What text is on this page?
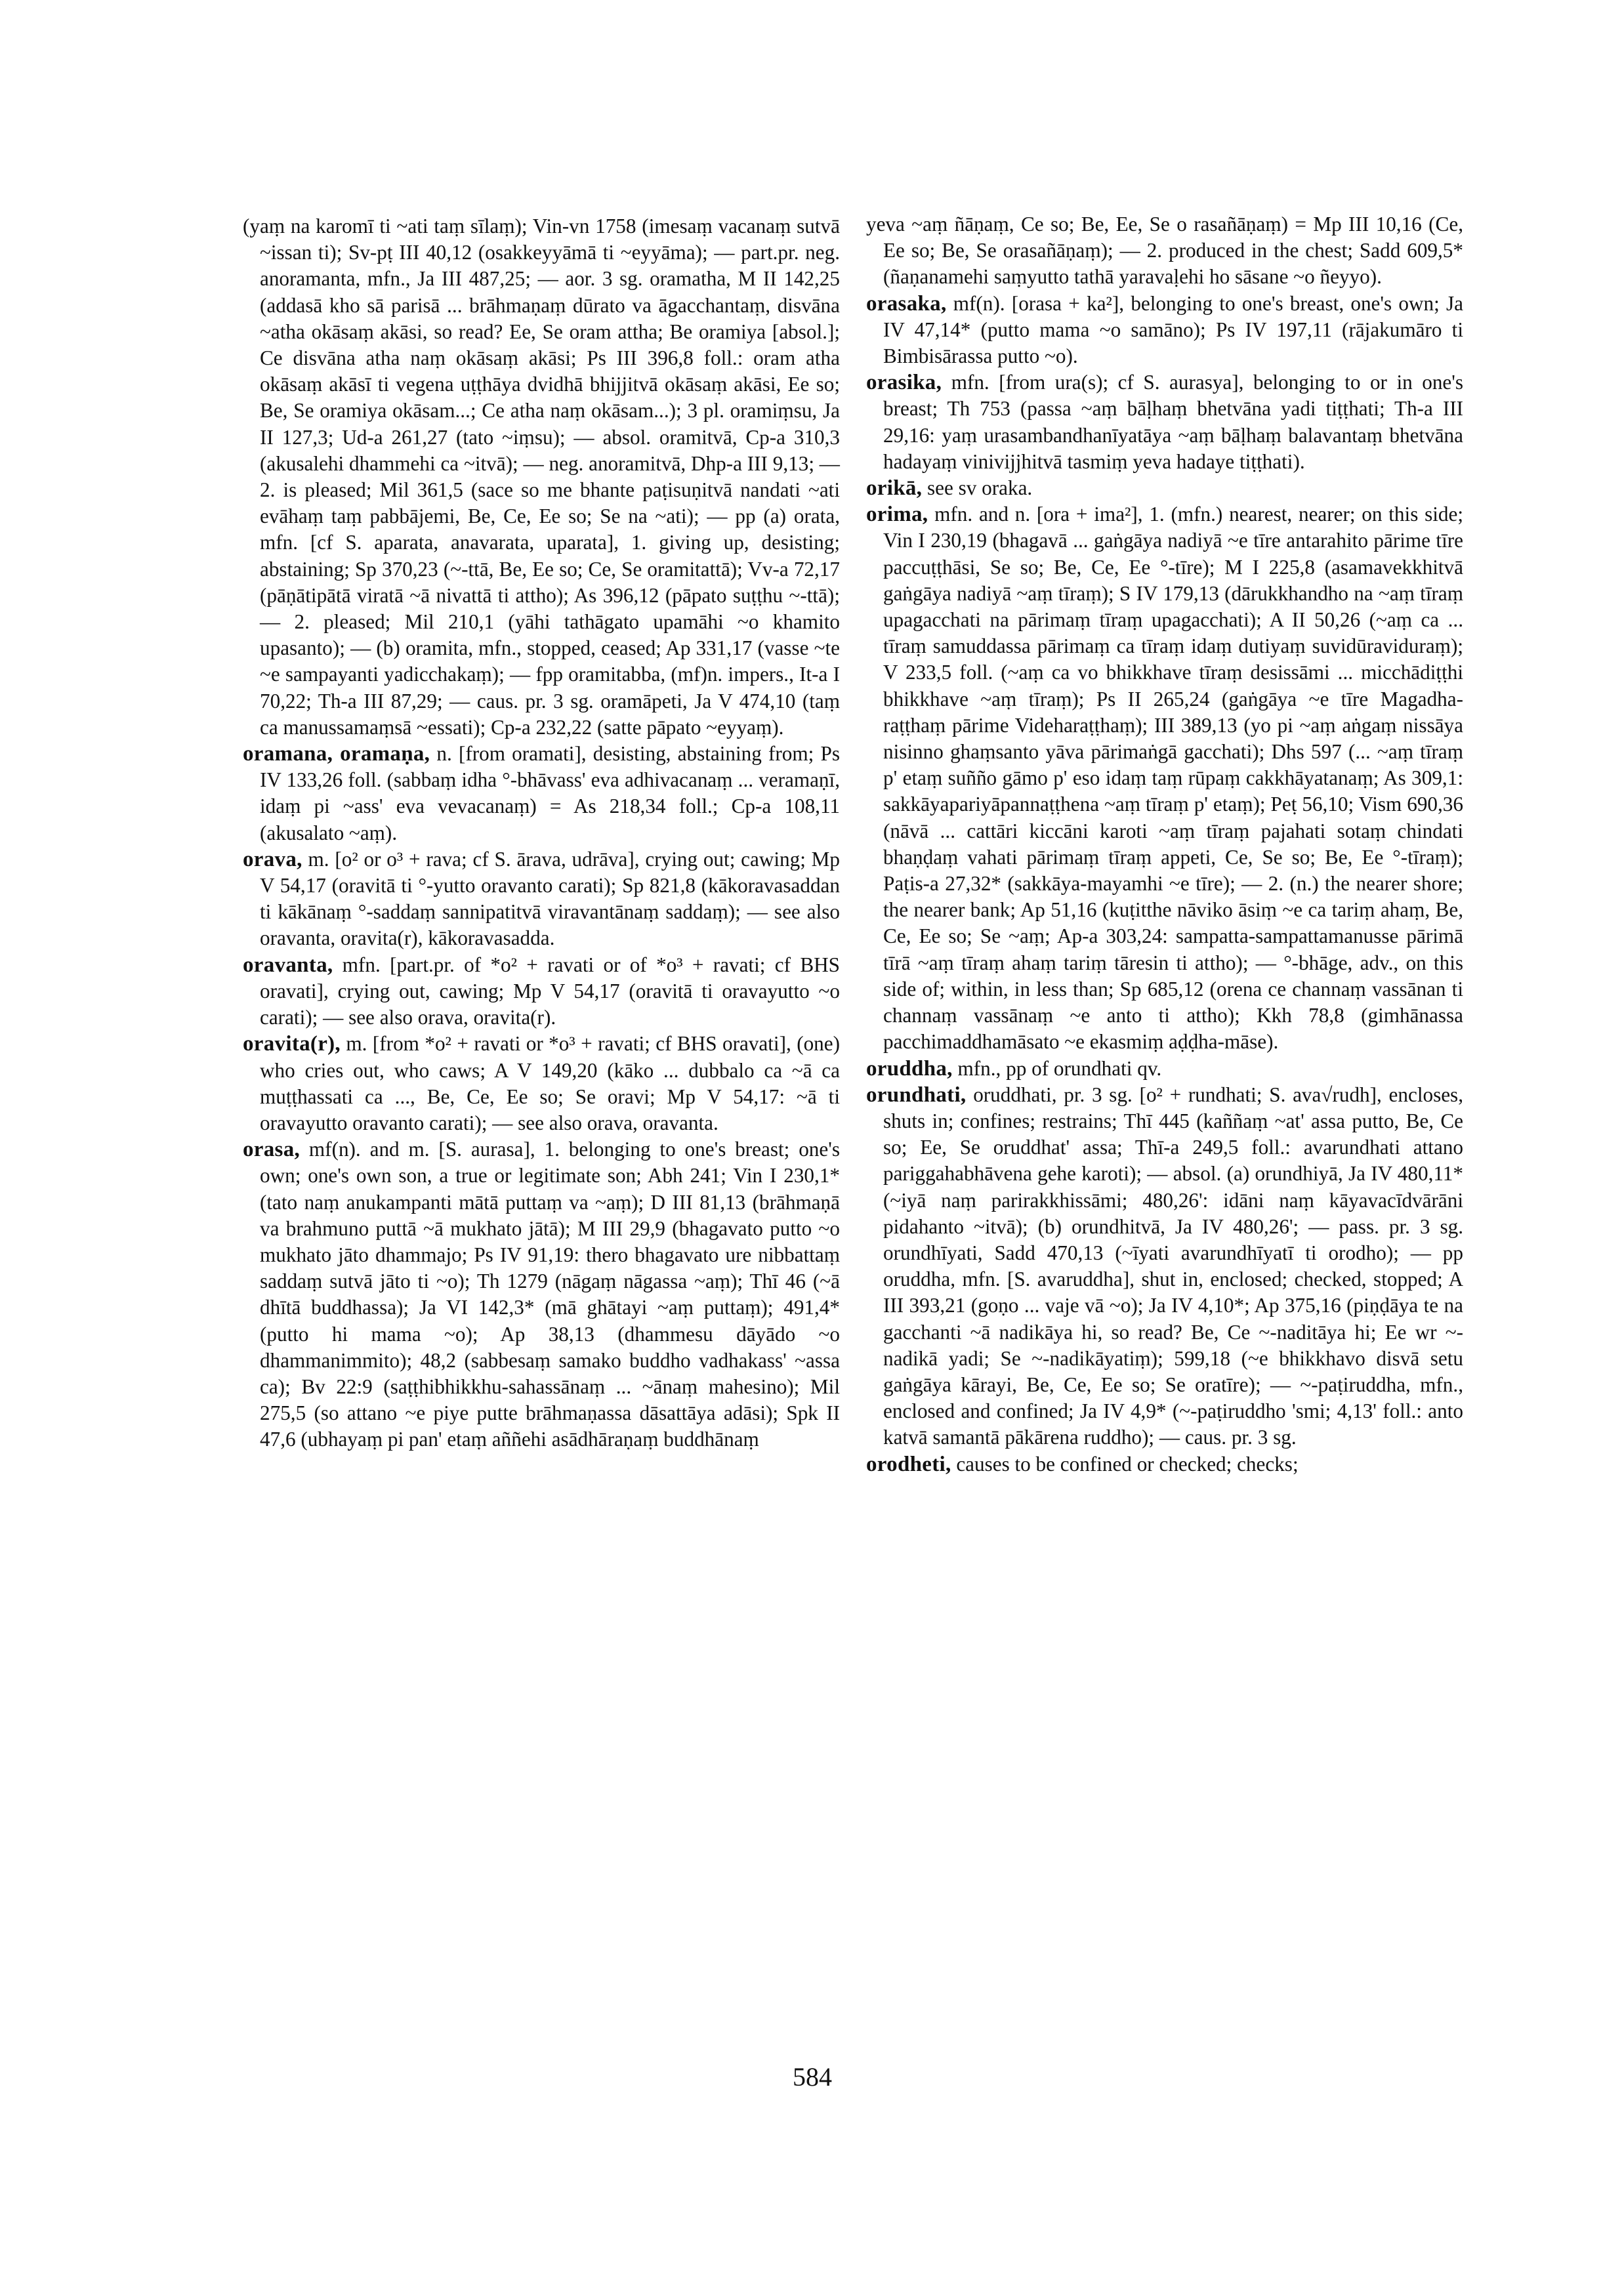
(yaṃ na karomī ti ~ati taṃ sīlaṃ); Vin-vn 1758 (imesaṃ vacanaṃ sutvā ~issan ti); Sv-pṭ III 40,12 (osakkeyyāmā ti ~eyyāma); — part.pr. neg. anoramanta, mfn., Ja III 487,25; — aor. 3 sg. oramatha, M II 142,25 (addasā kho sā parisā ... brāhmaṇaṃ dūrato va āgacchantaṃ, disvāna ~atha okāsaṃ akāsi, so read? Ee, Se oram attha; Be oramiya [absol.]; Ce disvāna atha naṃ okāsaṃ akāsi; Ps III 396,8 foll.: oram atha okāsaṃ akāsī ti vegena uṭṭhāya dvidhā bhijjitvā okāsaṃ akāsi, Ee so; Be, Se oramiya okāsam...; Ce atha naṃ okāsam...); 3 pl. oramiṃsu, Ja II 127,3; Ud-a 261,27 (tato ~iṃsu); — absol. oramitvā, Cp-a 310,3 (akusalehi dhammehi ca ~itvā); — neg. anoramitvā, Dhp-a III 9,13; — 2. is pleased; Mil 361,5 (sace so me bhante paṭisuṇitvā nandati ~ati evāhaṃ taṃ pabbājemi, Be, Ce, Ee so; Se na ~ati); — pp (a) orata, mfn. [cf S. aparata, anavarata, uparata], 1. giving up, desisting; abstaining; Sp 370,23 (~-ttā, Be, Ee so; Ce, Se oramitattā); Vv-a 72,17 (pāṇātipātā viratā ~ā nivattā ti attho); As 396,12 (pāpato suṭṭhu ~-ttā); — 2. pleased; Mil 210,1 (yāhi tathāgato upamāhi ~o khamito upasanto); — (b) oramita, mfn., stopped, ceased; Ap 331,17 (vasse ~te ~e sampayanti yadicchakaṃ); — fpp oramitabba, (mf)n. impers., It-a I 70,22; Th-a III 87,29; — caus. pr. 3 sg. oramāpeti, Ja V 474,10 (taṃ ca manussamaṃsā ~essati); Cp-a 232,22 (satte pāpato ~eyyaṃ).

oramana, oramaṇa, n. [from oramati], desisting, abstaining from; Ps IV 133,26 foll. (sabbaṃ idha °-bhāvass' eva adhivacanaṃ ... veramaṇī, idaṃ pi ~ass' eva vevacanaṃ) = As 218,34 foll.; Cp-a 108,11 (akusalato ~aṃ).

orava, m. [o² or o³ + rava; cf S. ārava, udrāva], crying out; cawing; Mp V 54,17 (oravitā ti °-yutto oravanto carati); Sp 821,8 (kākoravasaddan ti kākānaṃ °-saddaṃ sannipatitvā viravantānaṃ saddaṃ); — see also oravanta, oravita(r), kākoravasadda.

oravanta, mfn. [part.pr. of *o² + ravati or of *o³ + ravati; cf BHS oravati], crying out, cawing; Mp V 54,17 (oravitā ti oravayutto ~o carati); — see also orava, oravita(r).

oravita(r), m. [from *o² + ravati or *o³ + ravati; cf BHS oravati], (one) who cries out, who caws; A V 149,20 (kāko ... dubbalo ca ~ā ca muṭṭhassati ca ..., Be, Ce, Ee so; Se oravi; Mp V 54,17: ~ā ti oravayutto oravanto carati); — see also orava, oravanta.

orasa, mf(n). and m. [S. aurasa], 1. belonging to one's breast; one's own; one's own son, a true or legitimate son; Abh 241; Vin I 230,1* (tato naṃ anukampanti mātā puttaṃ va ~aṃ); D III 81,13 (brāhmaṇā va brahmuno puttā ~ā mukhato jātā); M III 29,9 (bhagavato putto ~o mukhato jāto dhammajo; Ps IV 91,19: thero bhagavato ure nibbattaṃ saddaṃ sutvā jāto ti ~o); Th 1279 (nāgaṃ nāgassa ~aṃ); Thī 46 (~ā dhītā buddhassa); Ja VI 142,3* (mā ghātayi ~aṃ puttaṃ); 491,4* (putto hi mama ~o); Ap 38,13 (dhammesu dāyādo ~o dhammanimmito); 48,2 (sabbesaṃ samako buddho vadhakass' ~assa ca); Bv 22:9 (saṭṭhibhikkhu-sahassānaṃ ... ~ānaṃ mahesino); Mil 275,5 (so attano ~e piye putte brāhmaṇassa dāsattāya adāsi); Spk II 47,6 (ubhayaṃ pi pan' etaṃ aññehi asādhāraṇaṃ buddhānaṃ

yeva ~aṃ ñāṇaṃ, Ce so; Be, Ee, Se o rasañāṇaṃ) = Mp III 10,16 (Ce, Ee so; Be, Se orasañāṇaṃ); — 2. produced in the chest; Sadd 609,5* (ñaṇanamehi saṃyutto tathā yaravaḷehi ho sāsane ~o ñeyyo).

orasaka, mf(n). [orasa + ka²], belonging to one's breast, one's own; Ja IV 47,14* (putto mama ~o samāno); Ps IV 197,11 (rājakumāro ti Bimbisārassa putto ~o).

orasika, mfn. [from ura(s); cf S. aurasya], belonging to or in one's breast; Th 753 (passa ~aṃ bāḷhaṃ bhetvāna yadi tiṭṭhati; Th-a III 29,16: yaṃ urasambandhanīyatāya ~aṃ bāḷhaṃ balavantaṃ bhetvāna hadayaṃ vinivijjhitvā tasmiṃ yeva hadaye tiṭṭhati).

orikā, see sv oraka.

orima, mfn. and n. [ora + ima²], 1. (mfn.) nearest, nearer; on this side; Vin I 230,19 (bhagavā ... gaṅgāya nadiyā ~e tīre antarahito pārime tīre paccuṭṭhāsi, Se so; Be, Ce, Ee °-tīre); M I 225,8 (asamavekkhitvā gaṅgāya nadiyā ~aṃ tīraṃ); S IV 179,13 (dārukkhandho na ~aṃ tīraṃ upagacchati na pārimaṃ tīraṃ upagacchati); A II 50,26 (~aṃ ca ... tīraṃ samuddassa pārimaṃ ca tīraṃ idaṃ dutiyaṃ suvidūraviduraṃ); V 233,5 foll. (~aṃ ca vo bhikkhave tīraṃ desissāmi ... micchādiṭṭhi bhikkhave ~aṃ tīraṃ); Ps II 265,24 (gaṅgāya ~e tīre Magadha-raṭṭhaṃ pārime Videharaṭṭhaṃ); III 389,13 (yo pi ~aṃ aṅgaṃ nissāya nisinno ghaṃsanto yāva pārimaṅgā gacchati); Dhs 597 (... ~aṃ tīraṃ p' etaṃ suñño gāmo p' eso idaṃ taṃ rūpaṃ cakkhāyatanaṃ; As 309,1: sakkāyapariyāpannaṭṭhena ~aṃ tīraṃ p' etaṃ); Peṭ 56,10; Vism 690,36 (nāvā ... cattāri kiccāni karoti ~aṃ tīraṃ pajahati sotaṃ chindati bhaṇḍaṃ vahati pārimaṃ tīraṃ appeti, Ce, Se so; Be, Ee °-tīraṃ); Paṭis-a 27,32* (sakkāya-mayamhi ~e tīre); — 2. (n.) the nearer shore; the nearer bank; Ap 51,16 (kuṭitthe nāviko āsiṃ ~e ca tariṃ ahaṃ, Be, Ce, Ee so; Se ~aṃ; Ap-a 303,24: sampatta-sampattamanusse pārimā tīrā ~aṃ tīraṃ ahaṃ tariṃ tāresin ti attho); — °-bhāge, adv., on this side of; within, in less than; Sp 685,12 (orena ce channaṃ vassānan ti channaṃ vassānaṃ ~e anto ti attho); Kkh 78,8 (gimhānassa pacchimaddhamāsato ~e ekasmiṃ aḍḍha-māse).

oruddha, mfn., pp of orundhati qv.

orundhati, oruddhati, pr. 3 sg. [o² + rundhati; S. ava√rudh], encloses, shuts in; confines; restrains; Thī 445 (kaññaṃ ~at' assa putto, Be, Ce so; Ee, Se oruddhat' assa; Thī-a 249,5 foll.: avarundhati attano pariggahabhāvena gehe karoti); — absol. (a) orundhiyā, Ja IV 480,11* (~iyā naṃ parirakkhissāmi; 480,26': idāni naṃ kāyavacīdvārāni pidahanto ~itvā); (b) orundhitvā, Ja IV 480,26'; — pass. pr. 3 sg. orundhīyati, Sadd 470,13 (~īyati avarundhīyatī ti orodho); — pp oruddha, mfn. [S. avaruddha], shut in, enclosed; checked, stopped; A III 393,21 (goṇo ... vaje vā ~o); Ja IV 4,10*; Ap 375,16 (piṇḍāya te na gacchanti ~ā nadikāya hi, so read? Be, Ce ~-naditāya hi; Ee wr ~-nadikā yadi; Se ~-nadikāyatiṃ); 599,18 (~e bhikkhavo disvā setu gaṅgāya kārayi, Be, Ce, Ee so; Se oratīre); — ~-paṭiruddha, mfn., enclosed and confined; Ja IV 4,9* (~-paṭiruddho 'smi; 4,13' foll.: anto katvā samantā pākārena ruddho); — caus. pr. 3 sg.

orodheti, causes to be confined or checked; checks;

584
